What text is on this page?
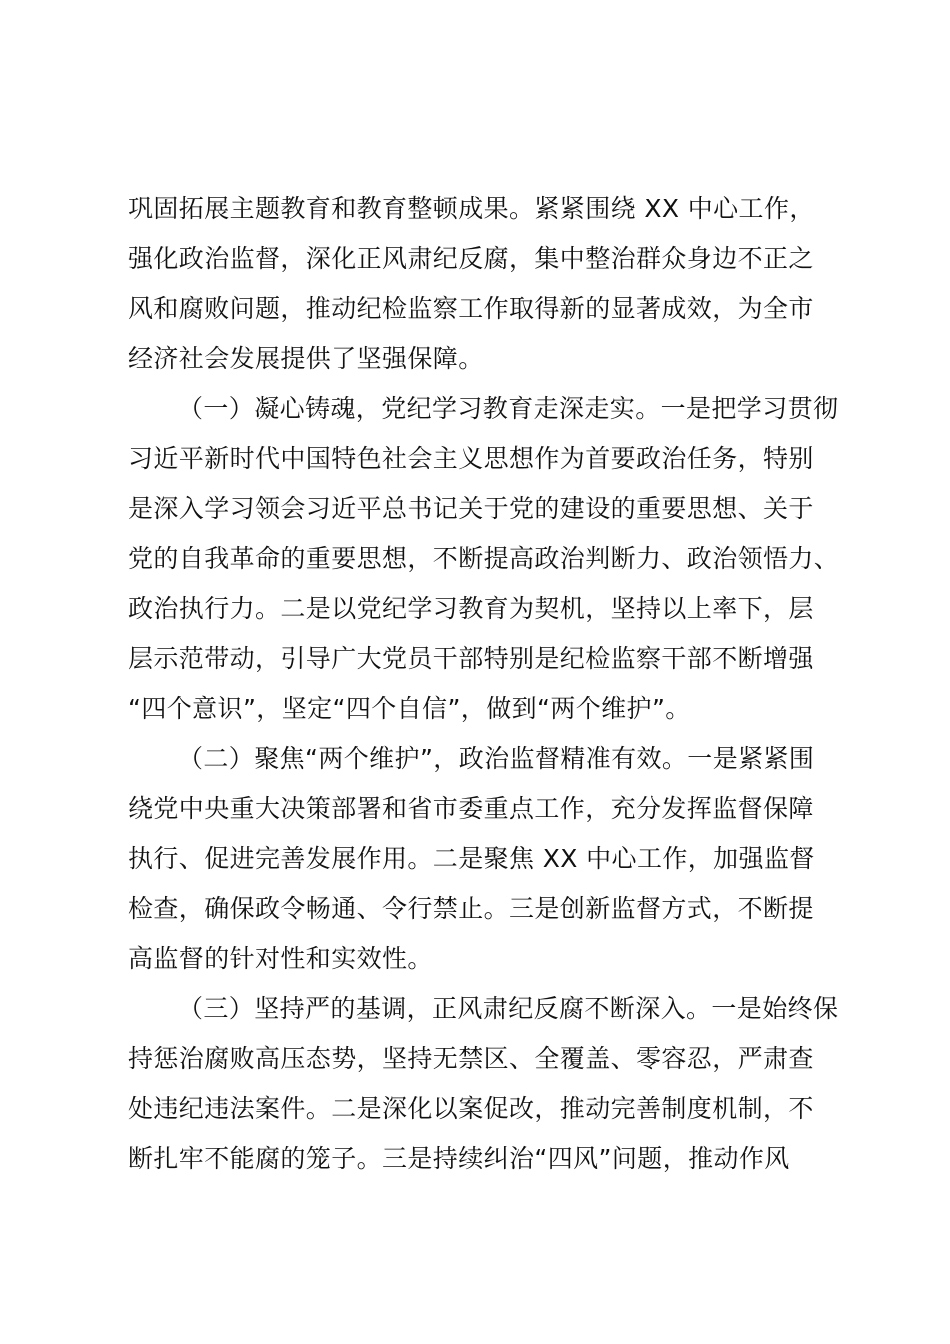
巩固拓展主题教育和教育整顿成果。紧紧围绕 XX 中心工作，
强化政治监督，深化正风肃纪反腐，集中整治群众身边不正之
风和腐败问题，推动纪检监察工作取得新的显著成效，为全市
经济社会发展提供了坚强保障。
（一）凝心铸魂，党纪学习教育走深走实。一是把学习贯彻
习近平新时代中国特色社会主义思想作为首要政治任务，特别
是深入学习领会习近平总书记关于党的建设的重要思想、关于
党的自我革命的重要思想，不断提高政治判断力、政治领悟力、
政治执行力。二是以党纪学习教育为契机，坚持以上率下，层
层示范带动，引导广大党员干部特别是纪检监察干部不断增强
“四个意识”，坚定“四个自信”，做到“两个维护”。
（二）聚焦“两个维护”，政治监督精准有效。一是紧紧围
绕党中央重大决策部署和省市委重点工作，充分发挥监督保障
执行、促进完善发展作用。二是聚焦 XX 中心工作，加强监督
检查，确保政令畅通、令行禁止。三是创新监督方式，不断提
高监督的针对性和实效性。
（三）坚持严的基调，正风肃纪反腐不断深入。一是始终保
持惩治腐败高压态势，坚持无禁区、全覆盖、零容忍，严肃查
处违纪违法案件。二是深化以案促改，推动完善制度机制，不
断扎牢不能腐的笼子。三是持续纠治“四风”问题，推动作风
